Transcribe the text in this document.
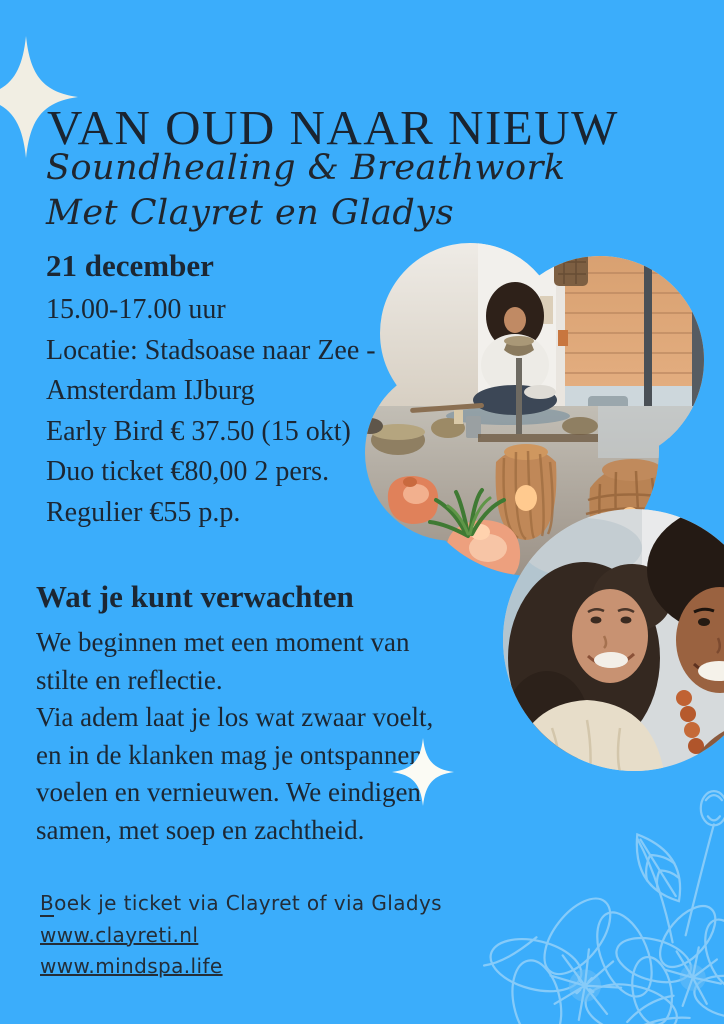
VAN OUD NAAR NIEUW
Soundhealing & Breathwork
Met Clayret en Gladys
21 december
15.00-17.00 uur
Locatie: Stadsoase naar Zee -
Amsterdam IJburg
Early Bird € 37.50 (15 okt)
Duo ticket €80,00 2 pers.
Regulier €55 p.p.
Wat je kunt verwachten
We beginnen met een moment van
stilte en reflectie.
Via adem laat je los wat zwaar voelt,
en in de klanken mag je ontspannen,
voelen en vernieuwen. We eindigen
samen, met soep en zachtheid.
Boek je ticket via Clayret of via Gladys
www.clayreti.nl
www.mindspa.life
